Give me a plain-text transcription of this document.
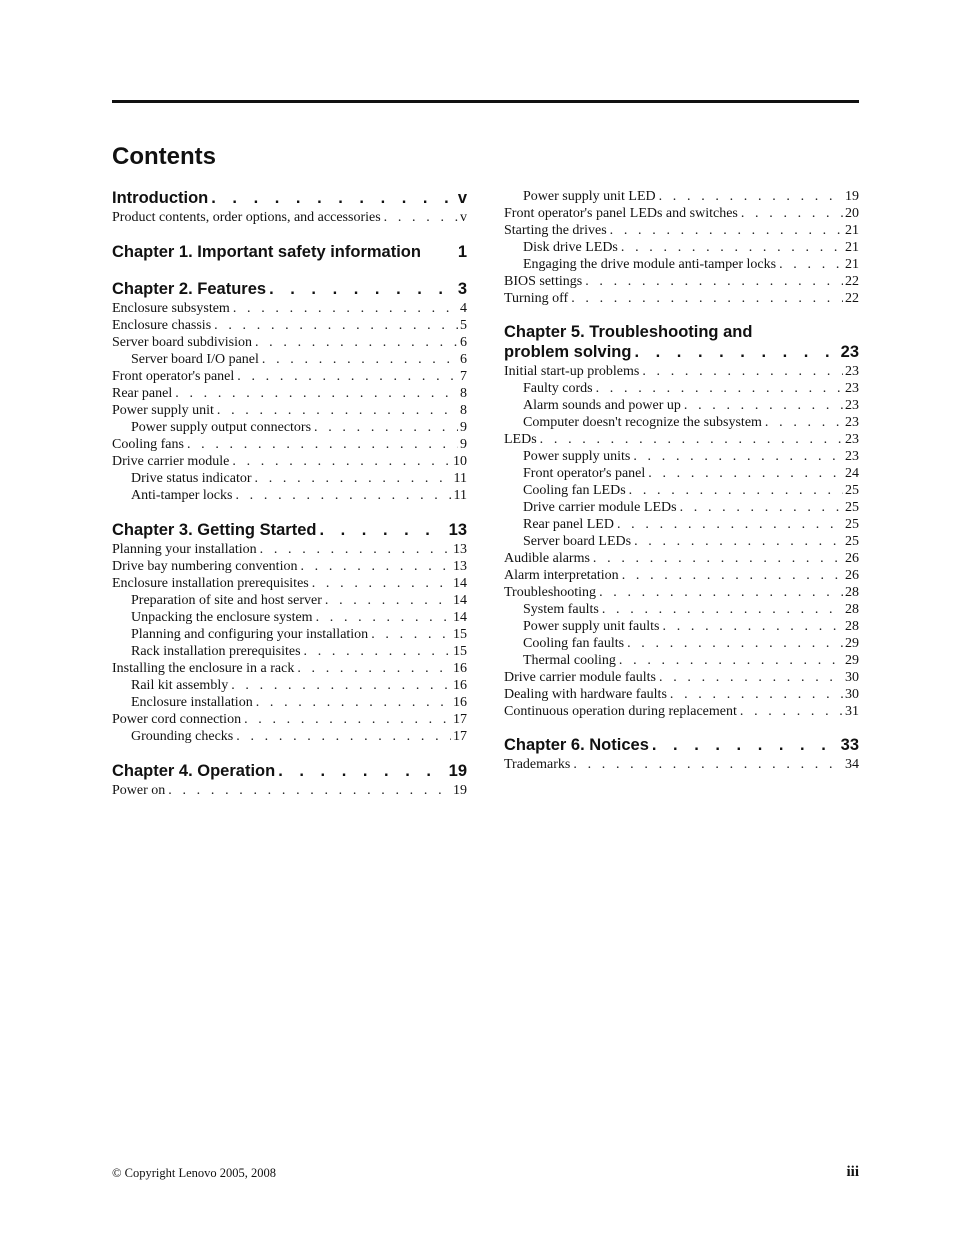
Contents
Introduction . . .	v
Product contents, order options, and accessories . . .	v
Chapter 1. Important safety information 1
Chapter 2. Features . . .	3
Enclosure subsystem . . .	4
Enclosure chassis . . .	5
Server board subdivision . . .	6
Server board I/O panel . . .	6
Front operator's panel . . .	7
Rear panel . . .	8
Power supply unit . . .	8
Power supply output connectors . . .	9
Cooling fans . . .	9
Drive carrier module . . .	10
Drive status indicator . . .	11
Anti-tamper locks . . .	11
Chapter 3. Getting Started . . .	13
Planning your installation . . .	13
Drive bay numbering convention . . .	13
Enclosure installation prerequisites . . .	14
Preparation of site and host server . . .	14
Unpacking the enclosure system . . .	14
Planning and configuring your installation . . .	15
Rack installation prerequisites . . .	15
Installing the enclosure in a rack . . .	16
Rail kit assembly . . .	16
Enclosure installation . . .	16
Power cord connection . . .	17
Grounding checks . . .	17
Chapter 4. Operation . . .	19
Power on . . .	19
Power supply unit LED . . .	19
Front operator's panel LEDs and switches . . .	20
Starting the drives . . .	21
Disk drive LEDs . . .	21
Engaging the drive module anti-tamper locks . . .	21
BIOS settings . . .	22
Turning off . . .	22
Chapter 5. Troubleshooting and
problem solving . . .	23
Initial start-up problems . . .	23
Faulty cords . . .	23
Alarm sounds and power up . . .	23
Computer doesn't recognize the subsystem . . .	23
LEDs . . .	23
Power supply units . . .	23
Front operator's panel . . .	24
Cooling fan LEDs . . .	25
Drive carrier module LEDs . . .	25
Rear panel LED . . .	25
Server board LEDs . . .	25
Audible alarms . . .	26
Alarm interpretation . . .	26
Troubleshooting . . .	28
System faults . . .	28
Power supply unit faults . . .	28
Cooling fan faults . . .	29
Thermal cooling . . .	29
Drive carrier module faults . . .	30
Dealing with hardware faults . . .	30
Continuous operation during replacement . . .	31
Chapter 6. Notices . . .	33
Trademarks . . .	34
© Copyright Lenovo 2005, 2008	iii
